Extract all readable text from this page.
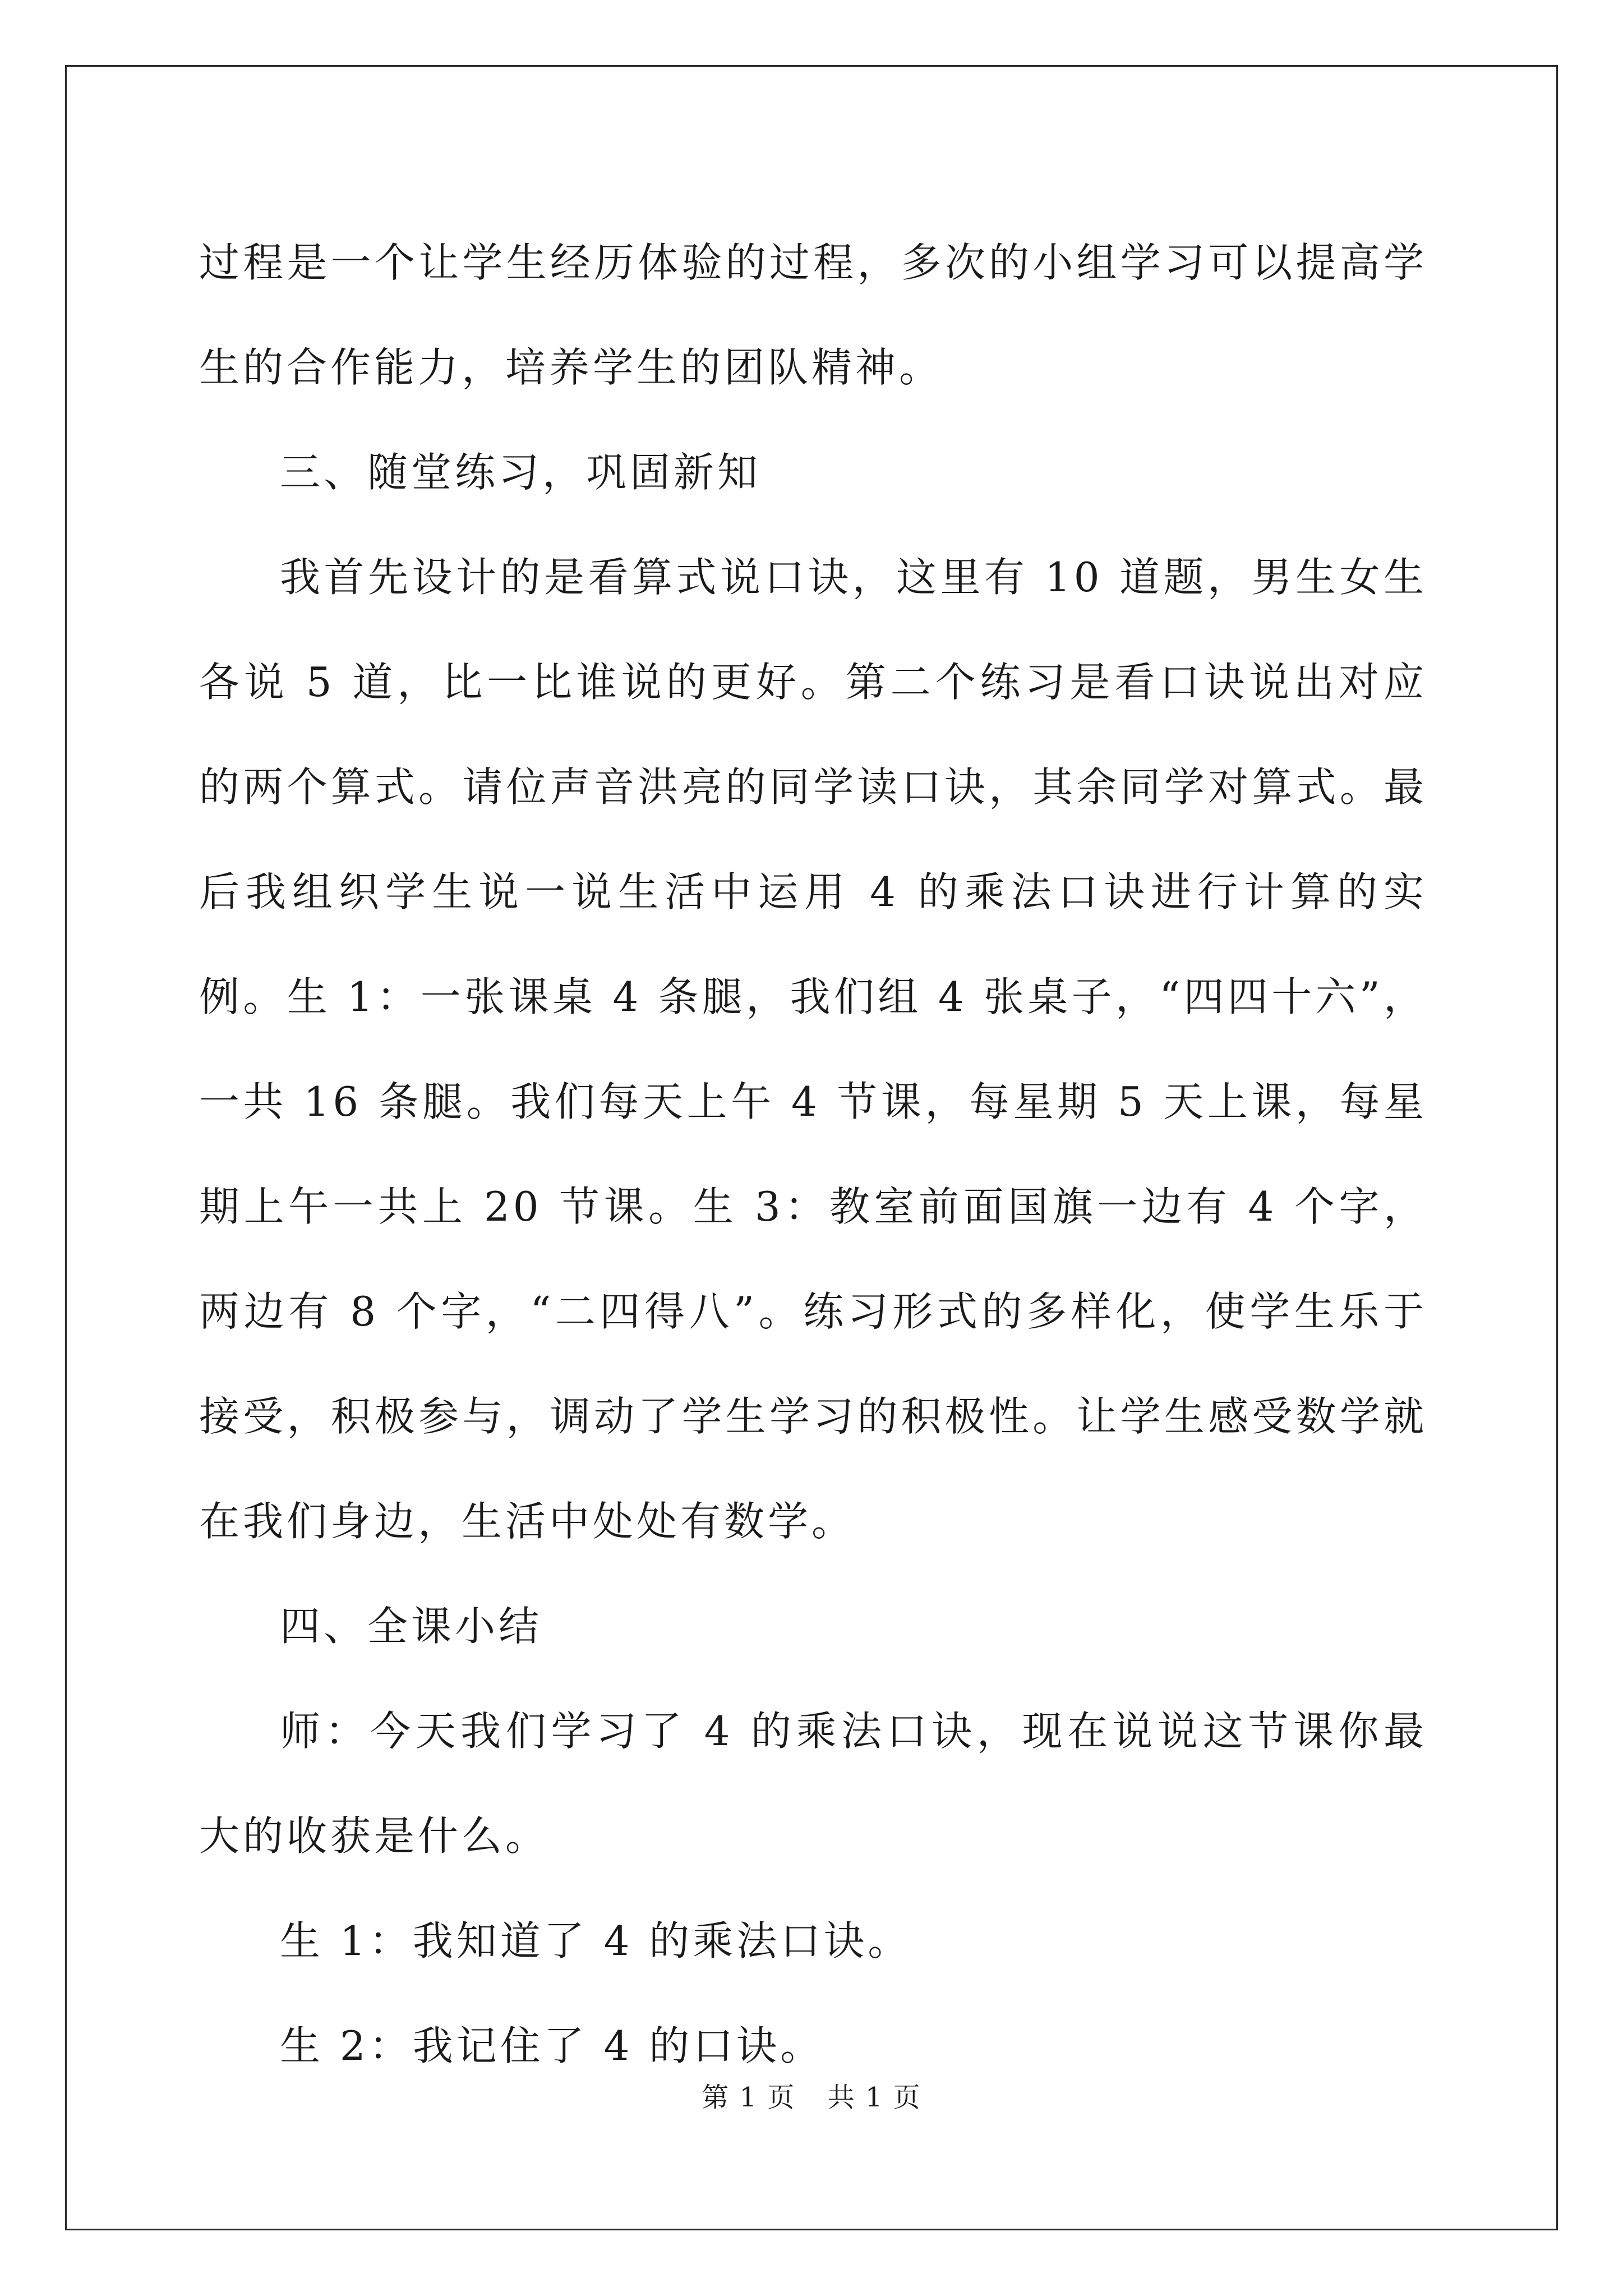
过程是一个让学生经历体验的过程，多次的小组学习可以提高学生的合作能力，培养学生的团队精神。

三、随堂练习，巩固新知

我首先设计的是看算式说口诀，这里有 10 道题，男生女生各说 5 道，比一比谁说的更好。第二个练习是看口诀说出对应的两个算式。请位声音洪亮的同学读口诀，其余同学对算式。最后我组织学生说一说生活中运用 4 的乘法口诀进行计算的实例。生 1：一张课桌 4 条腿，我们组 4 张桌子，“四四十六”，一共 16 条腿。我们每天上午 4 节课，每星期 5 天上课，每星期上午一共上 20 节课。生 3：教室前面国旗一边有 4 个字，两边有 8 个字，“二四得八”。练习形式的多样化，使学生乐于接受，积极参与，调动了学生学习的积极性。让学生感受数学就在我们身边，生活中处处有数学。

四、全课小结

师：今天我们学习了 4 的乘法口诀，现在说说这节课你最大的收获是什么。

生 1：我知道了 4 的乘法口诀。

生 2：我记住了 4 的口诀。

第 1 页 共 1 页
